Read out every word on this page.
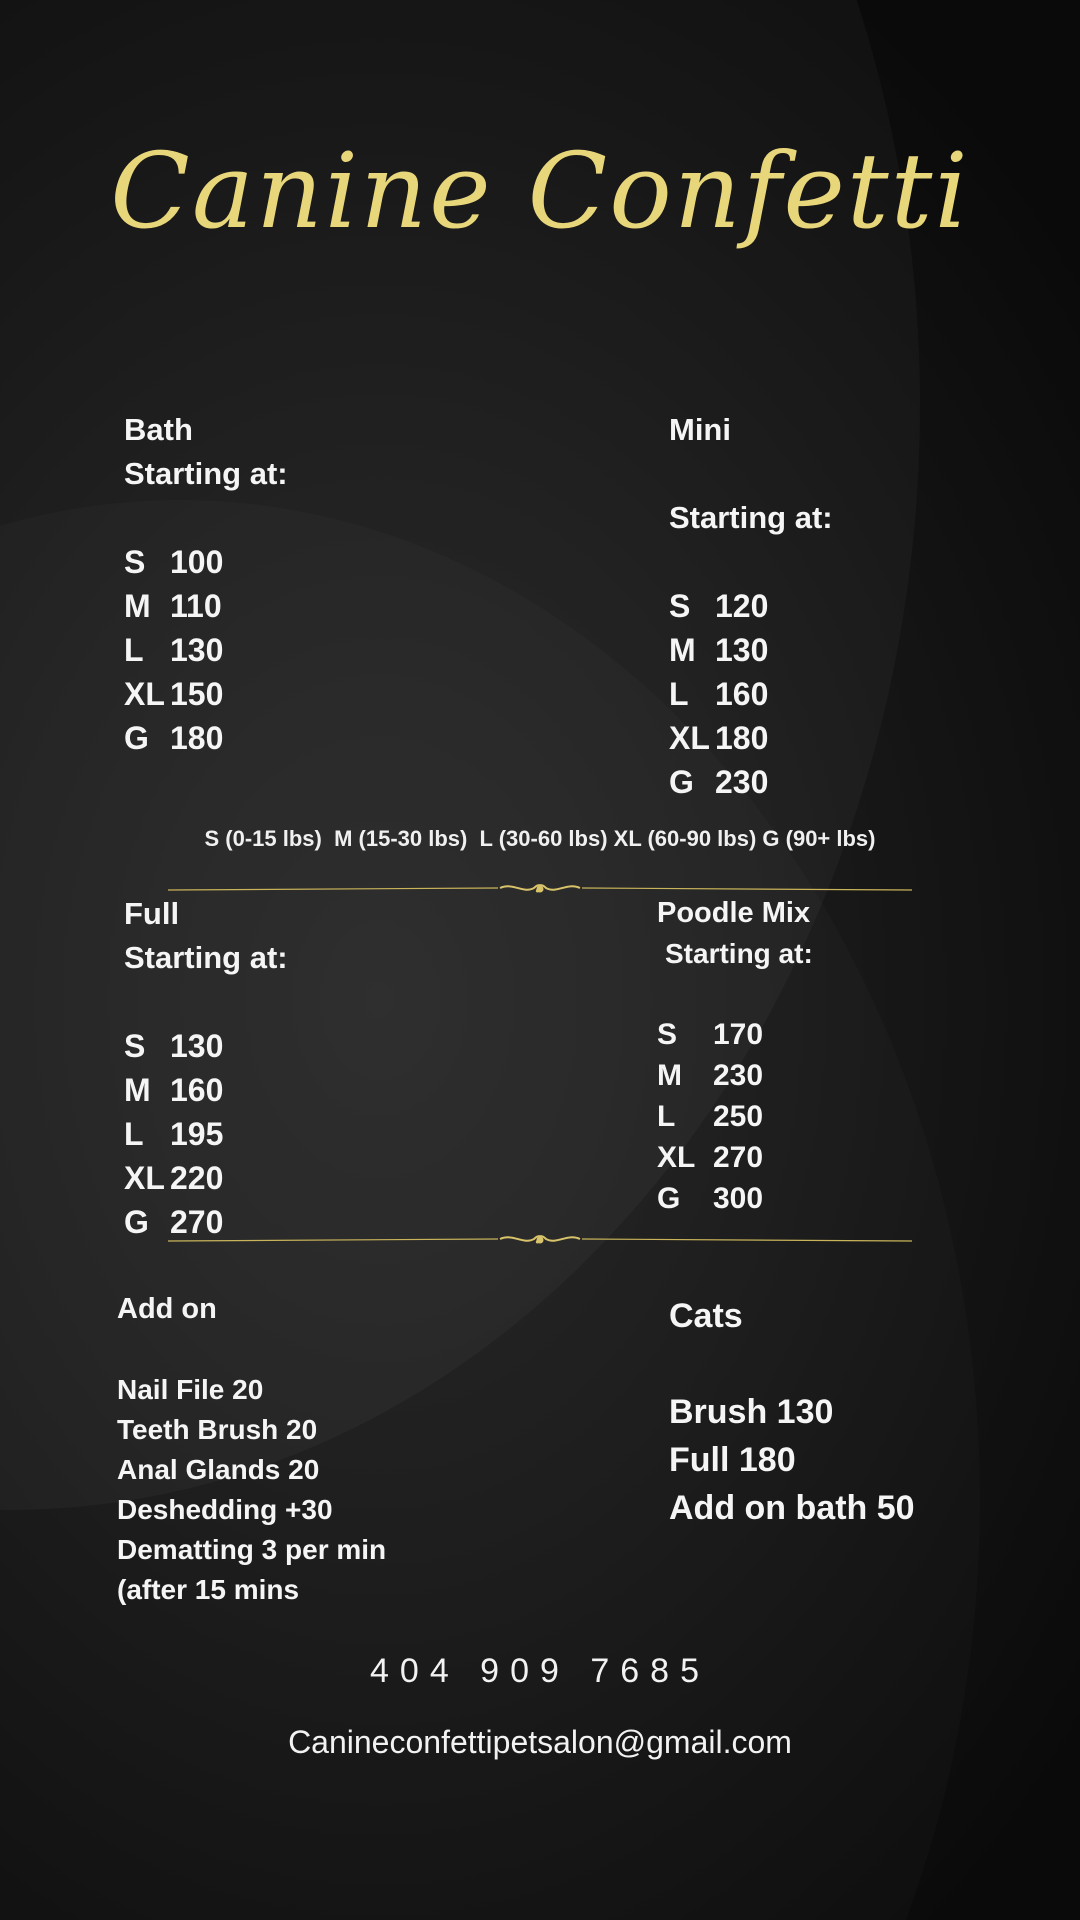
Canine Confetti
Bath
Starting at:

S 100
M 110
L 130
XL 150
G 180
Mini

Starting at:

S 120
M 130
L 160
XL 180
G 230
S (0-15 lbs)  M (15-30 lbs)  L (30-60 lbs) XL (60-90 lbs) G (90+ lbs)
Full
Starting at:

S 130
M 160
L 195
XL 220
G 270
Poodle Mix
Starting at:

S	170
M	230
L	250
XL 270
G	300
Add on

Nail File 20
Teeth Brush 20
Anal Glands 20
Deshedding +30
Dematting 3 per min
(after 15 mins
Cats

Brush 130
Full 180
Add on bath 50
404 909 7685
Canineconfettipetsalon@gmail.com
